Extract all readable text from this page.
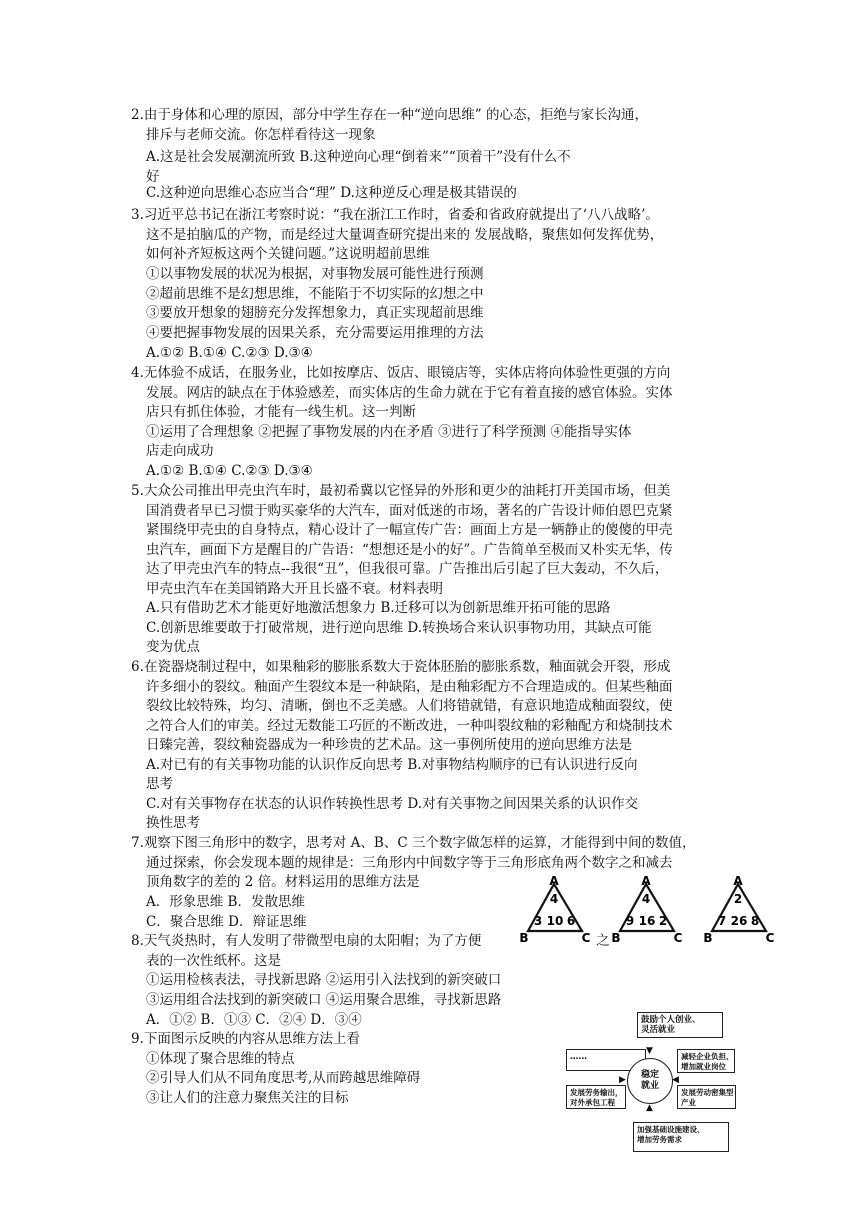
2.由于身体和心理的原因，部分中学生存在一种“逆向思维” 的心态，拒绝与家长沟通，
排斥与老师交流。你怎样看待这一现象
A.这是社会发展潮流所致 B.这种逆向心理“倒着来”“顶着干”没有什么不
好
C.这种逆向思维心态应当合“理” D.这种逆反心理是极其错误的
3.习近平总书记在浙江考察时说：“我在浙江工作时，省委和省政府就提出了‘八八战略’。
这不是拍脑瓜的产物，而是经过大量调查研究提出来的 发展战略，聚焦如何发挥优势，
如何补齐短板这两个关键问题。”这说明超前思维
①以事物发展的状况为根据，对事物发展可能性进行预测
②超前思维不是幻想思维，不能陷于不切实际的幻想之中
③要放开想象的翅膀充分发挥想象力，真正实现超前思维
④要把握事物发展的因果关系，充分需要运用推理的方法
A.①② B.①④ C.②③ D.③④
4.无体验不成话，在服务业，比如按摩店、饭店、眼镜店等，实体店将向体验性更强的方向
发展。网店的缺点在于体验感差，而实体店的生命力就在于它有着直接的感官体验。实体
店只有抓住体验，才能有一线生机。这一判断
①运用了合理想象 ②把握了事物发展的内在矛盾 ③进行了科学预测 ④能指导实体
店走向成功
A.①② B.①④ C.②③ D.③④
5.大众公司推出甲壳虫汽车时，最初希冀以它怪异的外形和更少的油耗打开美国市场，但美
国消费者早已习惯于购买豪华的大汽车，面对低迷的市场，著名的广告设计师伯恩巴克紧
紧围绕甲壳虫的自身特点，精心设计了一幅宣传广告：画面上方是一辆静止的傻傻的甲壳
虫汽车，画面下方是醒目的广告语：“想想还是小的好”。广告简单至极而又朴实无华，传
达了甲壳虫汽车的特点--我很“丑”，但我很可靠。广告推出后引起了巨大轰动，不久后，
甲壳虫汽车在美国销路大开且长盛不衰。材料表明
A.只有借助艺术才能更好地激活想象力 B.迁移可以为创新思维开拓可能的思路
C.创新思维要敢于打破常规，进行逆向思维 D.转换场合来认识事物功用，其缺点可能
变为优点
6.在瓷器烧制过程中，如果釉彩的膨胀系数大于瓷体胚胎的膨胀系数，釉面就会开裂，形成
许多细小的裂纹。釉面产生裂纹本是一种缺陷，是由釉彩配方不合理造成的。但某些釉面
裂纹比较特殊，均匀、清晰，倒也不乏美感。人们将错就错，有意识地造成釉面裂纹，使
之符合人们的审美。经过无数能工巧匠的不断改进，一种叫裂纹釉的彩釉配方和烧制技术
日臻完善，裂纹釉瓷器成为一种珍贵的艺术品。这一事例所使用的逆向思维方法是
A.对已有的有关事物功能的认识作反向思考 B.对事物结构顺序的已有认识进行反向
思考
C.对有关事物存在状态的认识作转换性思考 D.对有关事物之间因果关系的认识作交
换性思考
7.观察下图三角形中的数字，思考对 A、B、C 三个数字做怎样的运算，才能得到中间的数值，
通过探索，你会发现本题的规律是：三角形内中间数字等于三角形底角两个数字之和减去
顶角数字的差的 2 倍。材料运用的思维方法是
A．形象思维 B．发散思维
C．聚合思维 D．辩证思维
8.天气炎热时，有人发明了带微型电扇的太阳帽；为了方便
表的一次性纸杯。这是
①运用检核表法，寻找新思路 ②运用引入法找到的新突破口
③运用组合法找到的新突破口 ④运用聚合思维，寻找新思路
A．①② B．①③ C．②④ D．③④
9.下面图示反映的内容从思维方法上看
①体现了聚合思维的特点
②引导人们从不同角度思考,从而跨越思维障碍
③让人们的注意力聚焦关注的目标
A
4
3 10 6
B	C
A
4
9 16 2
B	C
A
2
7 26 8
B	C
之
鼓励个人创业、
灵活就业
……	减轻企业负担、
增加就业岗位
稳定
就业
发展劳务输出，
对外承包工程
发展劳动密集型
产业
加强基础设施建设、
增加劳务需求
▼
▶	◀
▲
